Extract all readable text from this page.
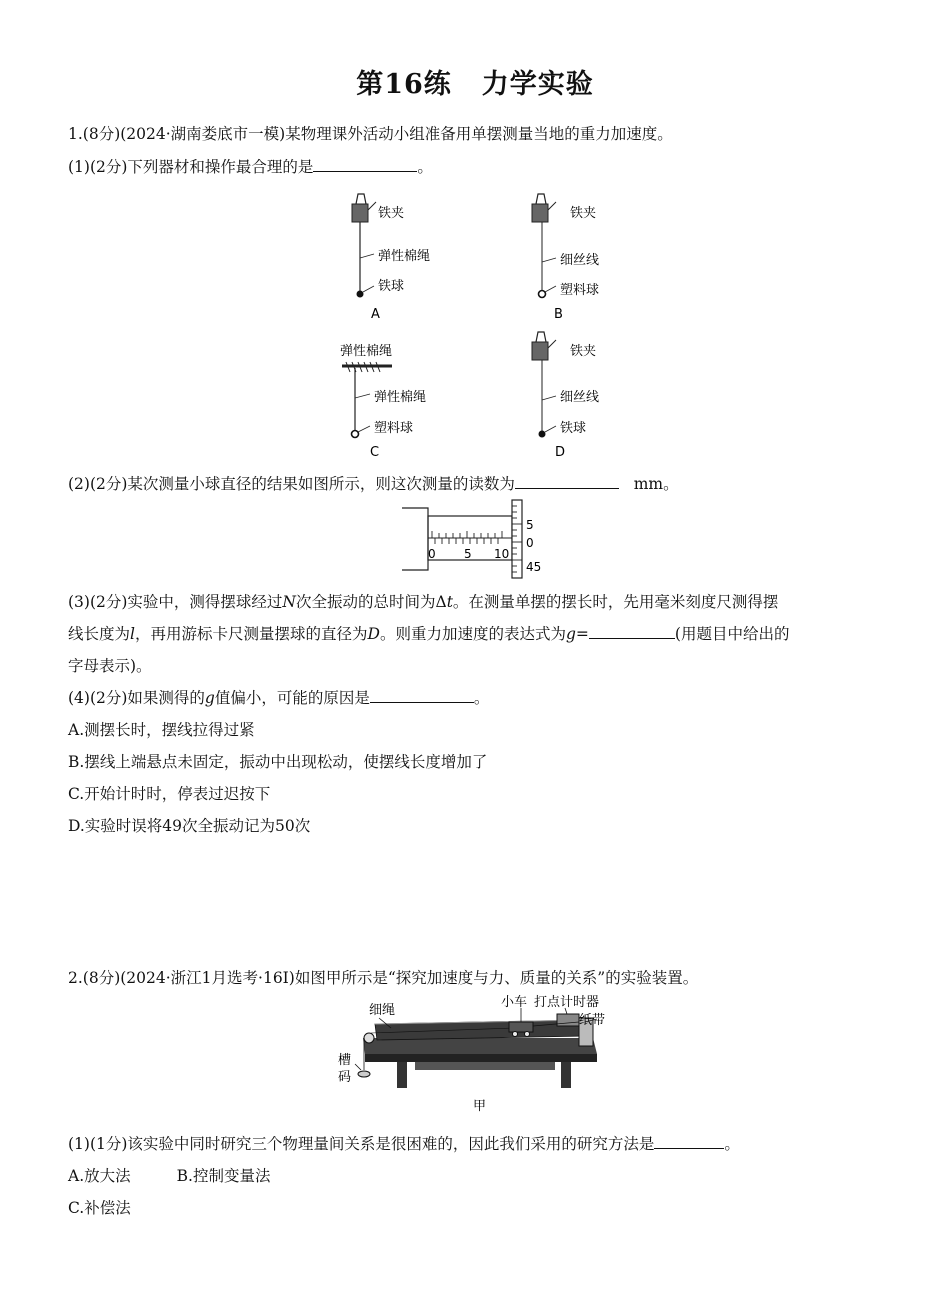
第16练 力学实验
1.(8分)(2024·湖南娄底市一模)某物理课外活动小组准备用单摆测量当地的重力加速度。
(1)(2分)下列器材和操作最合理的是	。
铁夹
弹性棉绳
铁球
A
铁夹
细丝线
塑料球
B
弹性棉绳
弹性棉绳
塑料球
C
铁夹
细丝线
铁球
D
(2)(2分)某次测量小球直径的结果如图所示，则这次测量的读数为	mm。
0 5 10
5
0
45
(3)(2分)实验中，测得摆球经过N次全振动的总时间为Δt。在测量单摆的摆长时，先用毫米刻度尺测得摆
线长度为l，再用游标卡尺测量摆球的直径为D。则重力加速度的表达式为g=	(用题目中给出的
字母表示)。
(4)(2分)如果测得的g值偏小，可能的原因是	。
A.测摆长时，摆线拉得过紧
B.摆线上端悬点未固定，振动中出现松动，使摆线长度增加了
C.开始计时时，停表过迟按下
D.实验时误将49次全振动记为50次
2.(8分)(2024·浙江1月选考·16Ⅰ)如图甲所示是“探究加速度与力、质量的关系”的实验装置。
细绳
小车 打点计时器
纸带
槽
码
甲
(1)(1分)该实验中同时研究三个物理量间关系是很困难的，因此我们采用的研究方法是	。
A.放大法	B.控制变量法
C.补偿法
